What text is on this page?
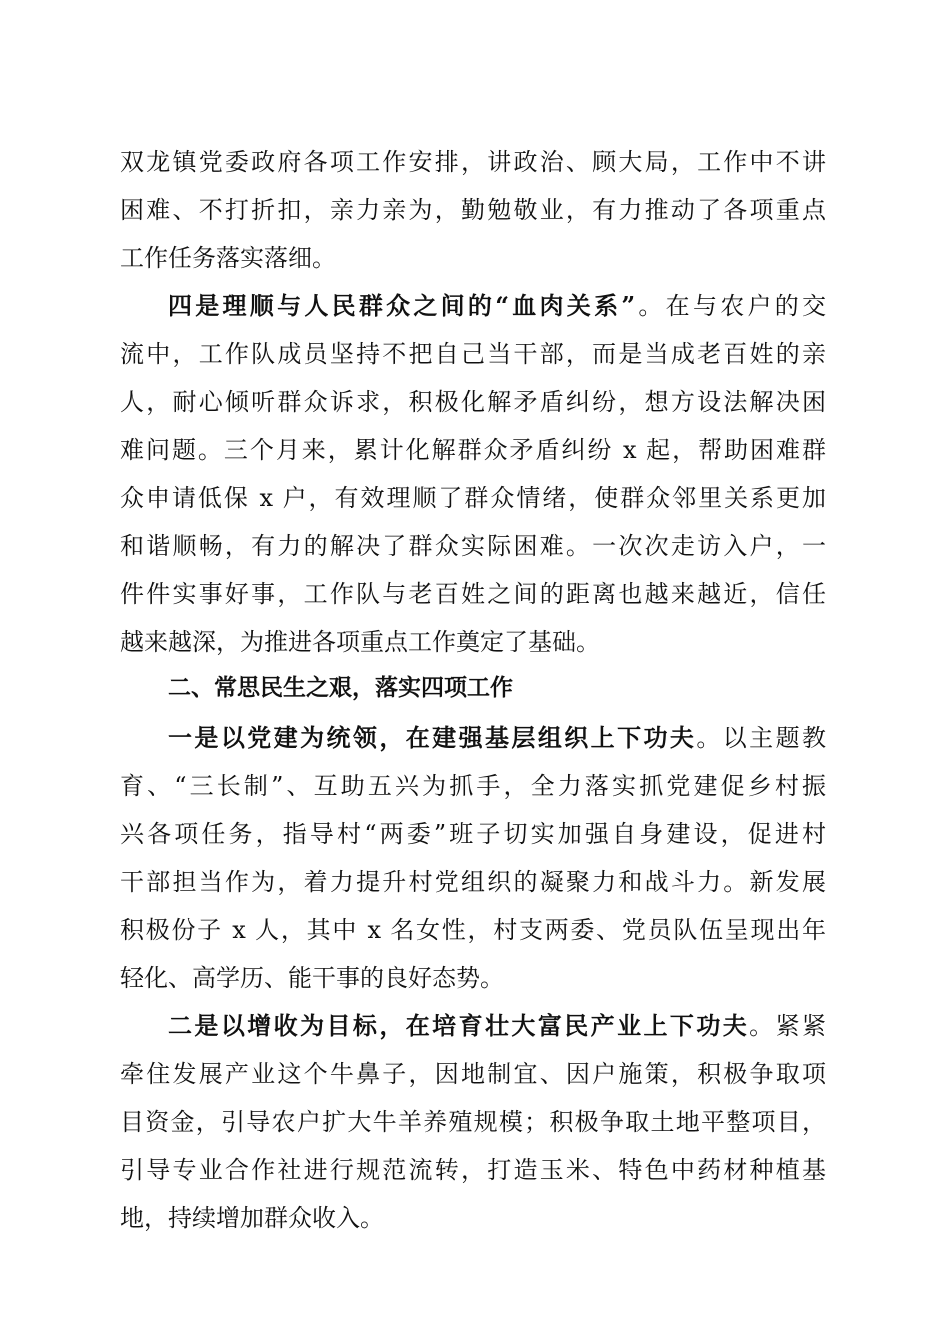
双龙镇党委政府各项工作安排，讲政治、顾大局，工作中不讲
困难、不打折扣，亲力亲为，勤勉敬业，有力推动了各项重点
工作任务落实落细。
四是理顺与人民群众之间的“血肉关系”。在与农户的交
流中，工作队成员坚持不把自己当干部，而是当成老百姓的亲
人，耐心倾听群众诉求，积极化解矛盾纠纷，想方设法解决困
难问题。三个月来，累计化解群众矛盾纠纷 x 起，帮助困难群
众申请低保 x 户，有效理顺了群众情绪，使群众邻里关系更加
和谐顺畅，有力的解决了群众实际困难。一次次走访入户，一
件件实事好事，工作队与老百姓之间的距离也越来越近，信任
越来越深，为推进各项重点工作奠定了基础。
二、常思民生之艰，落实四项工作
一是以党建为统领，在建强基层组织上下功夫。以主题教
育、“三长制”、互助五兴为抓手，全力落实抓党建促乡村振
兴各项任务，指导村“两委”班子切实加强自身建设，促进村
干部担当作为，着力提升村党组织的凝聚力和战斗力。新发展
积极份子 x 人，其中 x 名女性，村支两委、党员队伍呈现出年
轻化、高学历、能干事的良好态势。
二是以增收为目标，在培育壮大富民产业上下功夫。紧紧
牵住发展产业这个牛鼻子，因地制宜、因户施策，积极争取项
目资金，引导农户扩大牛羊养殖规模；积极争取土地平整项目，
引导专业合作社进行规范流转，打造玉米、特色中药材种植基
地，持续增加群众收入。
